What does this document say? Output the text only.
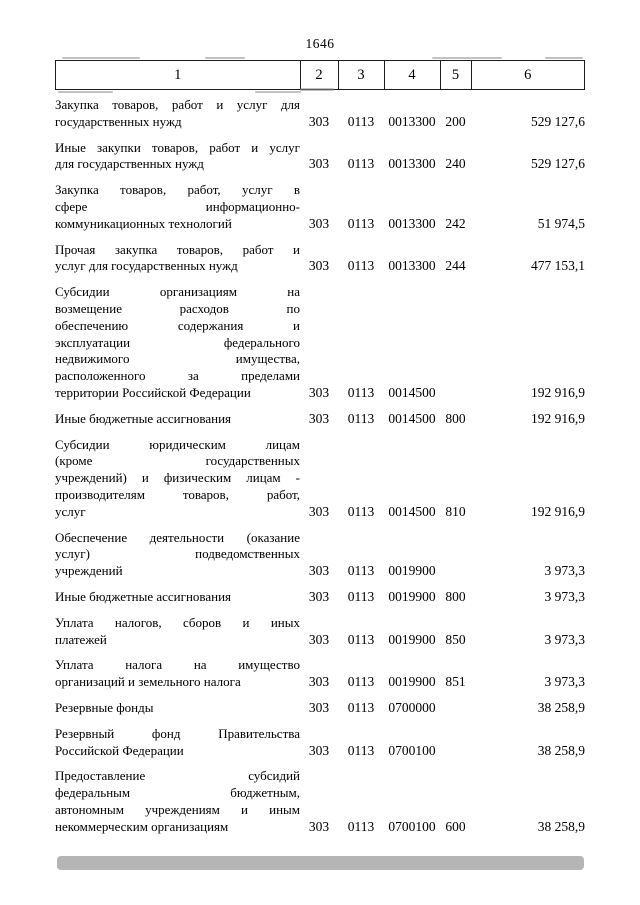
1646
1	2	3	4	5	6
Закупка товаров, работ и услуг для
государственных нужд	303	0113	0013300 200	529 127,6
Иные закупки товаров, работ и услуг
для государственных нужд	303	0113	0013300 240	529 127,6
Закупка товаров, работ, услуг в
сфере информационно-
коммуникационных технологий	303	0113	0013300 242	51 974,5
Прочая закупка товаров, работ и
услуг для государственных нужд	303	0113	0013300 244	477 153,1
Субсидии организациям на
возмещение расходов по
обеспечению содержания и
эксплуатации федерального
недвижимого имущества,
расположенного за пределами
территории Российской Федерации	303	0113	0014500	192 916,9
Иные бюджетные ассигнования	303	0113	0014500 800	192 916,9
Субсидии юридическим лицам
(кроме государственных
учреждений) и физическим лицам -
производителям товаров, работ,
услуг	303	0113	0014500 810	192 916,9
Обеспечение деятельности (оказание
услуг) подведомственных
учреждений	303	0113	0019900	3 973,3
Иные бюджетные ассигнования	303	0113	0019900 800	3 973,3
Уплата налогов, сборов и иных
платежей	303	0113	0019900 850	3 973,3
Уплата налога на имущество
организаций и земельного налога	303	0113	0019900 851	3 973,3
Резервные фонды	303	0113	0700000	38 258,9
Резервный фонд Правительства
Российской Федерации	303	0113	0700100	38 258,9
Предоставление субсидий
федеральным бюджетным,
автономным учреждениям и иным
некоммерческим организациям	303	0113	0700100 600	38 258,9
